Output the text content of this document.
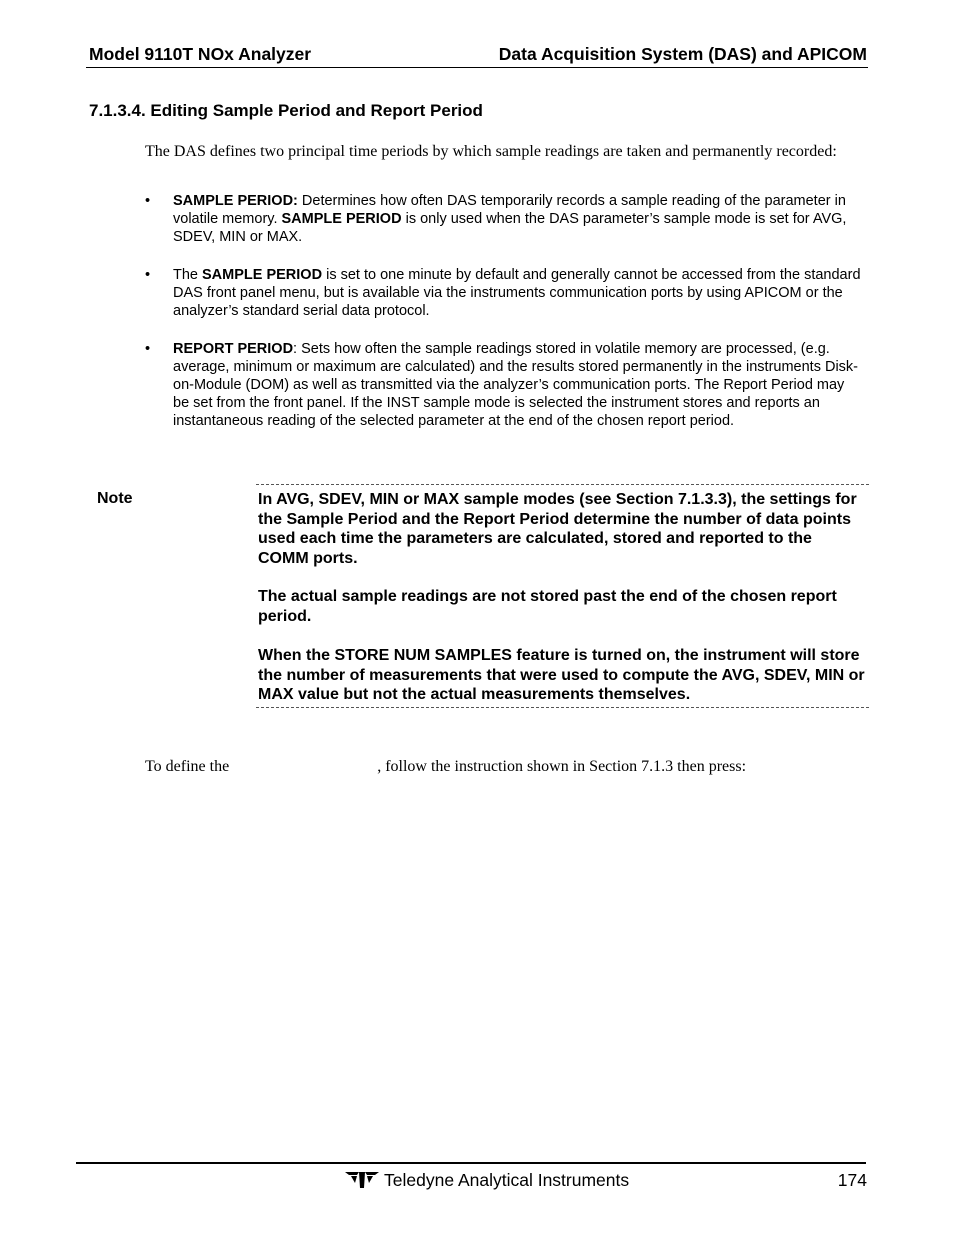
Model 9110T NOx Analyzer	Data Acquisition System (DAS) and APICOM
7.1.3.4. Editing Sample Period and Report Period
The DAS defines two principal time periods by which sample readings are taken and permanently recorded:
•	SAMPLE PERIOD: Determines how often DAS temporarily records a sample reading of the parameter in volatile memory. SAMPLE PERIOD is only used when the DAS parameter’s sample mode is set for AVG, SDEV, MIN or MAX.
•	The SAMPLE PERIOD is set to one minute by default and generally cannot be accessed from the standard DAS front panel menu, but is available via the instruments communication ports by using APICOM or the analyzer’s standard serial data protocol.
•	REPORT PERIOD: Sets how often the sample readings stored in volatile memory are processed, (e.g. average, minimum or maximum are calculated) and the results stored permanently in the instruments Disk-on-Module (DOM) as well as transmitted via the analyzer’s communication ports. The Report Period may be set from the front panel. If the INST sample mode is selected the instrument stores and reports an instantaneous reading of the selected parameter at the end of the chosen report period.
Note	In AVG, SDEV, MIN or MAX sample modes (see Section 7.1.3.3), the settings for the Sample Period and the Report Period determine the number of data points used each time the parameters are calculated, stored and reported to the COMM ports.
The actual sample readings are not stored past the end of the chosen report period.
When the STORE NUM SAMPLES feature is turned on, the instrument will store the number of measurements that were used to compute the AVG, SDEV, MIN or MAX value but not the actual measurements themselves.
To define the	, follow the instruction shown in Section 7.1.3 then press:
Teledyne Analytical Instruments	174
